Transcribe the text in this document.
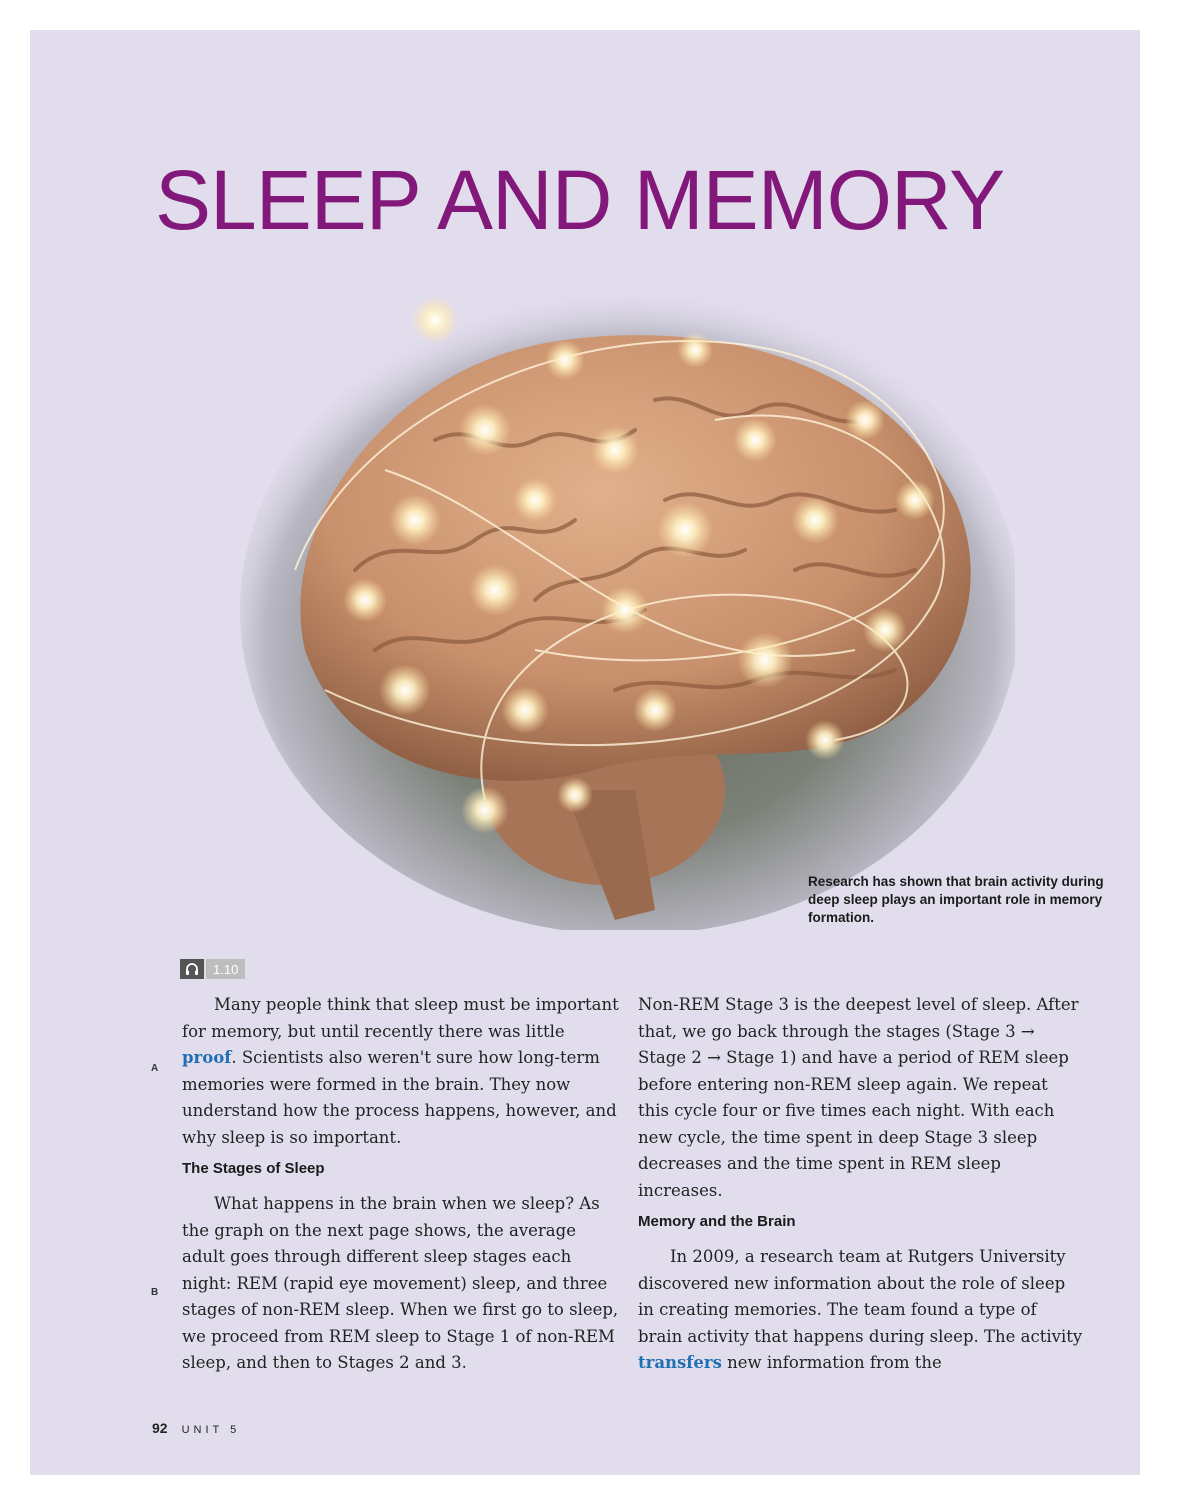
SLEEP AND MEMORY
Research has shown that brain activity during deep sleep plays an important role in memory formation.
1.10
A
B

Many people think that sleep must be important for memory, but until recently there was little proof. Scientists also weren't sure how long-term memories were formed in the brain. They now understand how the process happens, however, and why sleep is so important.

The Stages of Sleep

What happens in the brain when we sleep? As the graph on the next page shows, the average adult goes through different sleep stages each night: REM (rapid eye movement) sleep, and three stages of non-REM sleep. When we first go to sleep, we proceed from REM sleep to Stage 1 of non-REM sleep, and then to Stages 2 and 3.

Non-REM Stage 3 is the deepest level of sleep. After that, we go back through the stages (Stage 3 → Stage 2 → Stage 1) and have a period of REM sleep before entering non-REM sleep again. We repeat this cycle four or five times each night. With each new cycle, the time spent in deep Stage 3 sleep decreases and the time spent in REM sleep increases.

Memory and the Brain

In 2009, a research team at Rutgers University discovered new information about the role of sleep in creating memories. The team found a type of brain activity that happens during sleep. The activity transfers new information from the

92 UNIT 5
